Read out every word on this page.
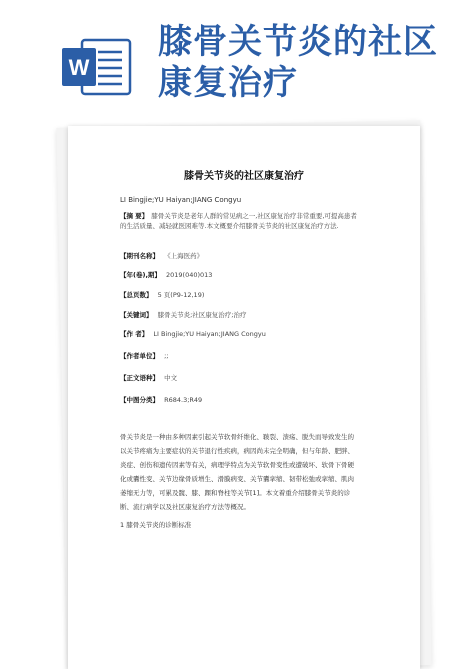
W
膝骨关节炎的社区
康复治疗
膝骨关节炎的社区康复治疗
LI Bingjie;YU Haiyan;JIANG Congyu
【摘 要】 膝骨关节炎是老年人群的常见病之一,社区康复治疗非常重要,可提高患者
的生活质量、减轻就医困难等.本文概要介绍膝骨关节炎的社区康复治疗方法.
【期刊名称】 《上海医药》
【年(卷),期】 2019(040)013
【总页数】 5 页(P9-12,19)
【关键词】 膝骨关节炎;社区康复治疗;治疗
【作 者】 LI Bingjie;YU Haiyan;JIANG Congyu
【作者单位】 ;;
【正文语种】 中文
【中图分类】 R684.3;R49
骨关节炎是一种由多种因素引起关节软骨纤维化、皲裂、溃疡、脱失而导致发生的
以关节疼痛为主要症状的关节退行性疾病，病因尚未完全明确，但与年龄、肥胖、
炎症、创伤和遗传因素等有关，病理学特点为关节软骨变性或遭破坏、软骨下骨硬
化或囊性变、关节边缘骨质增生、滑膜病变、关节囊挛缩、韧带松弛或挛缩、肌肉
萎缩无力等，可累及髋、膝、踝和脊柱等关节[1]。本文着重介绍膝骨关节炎的诊
断、流行病学以及社区康复治疗方法等概况。
1 膝骨关节炎的诊断标准
